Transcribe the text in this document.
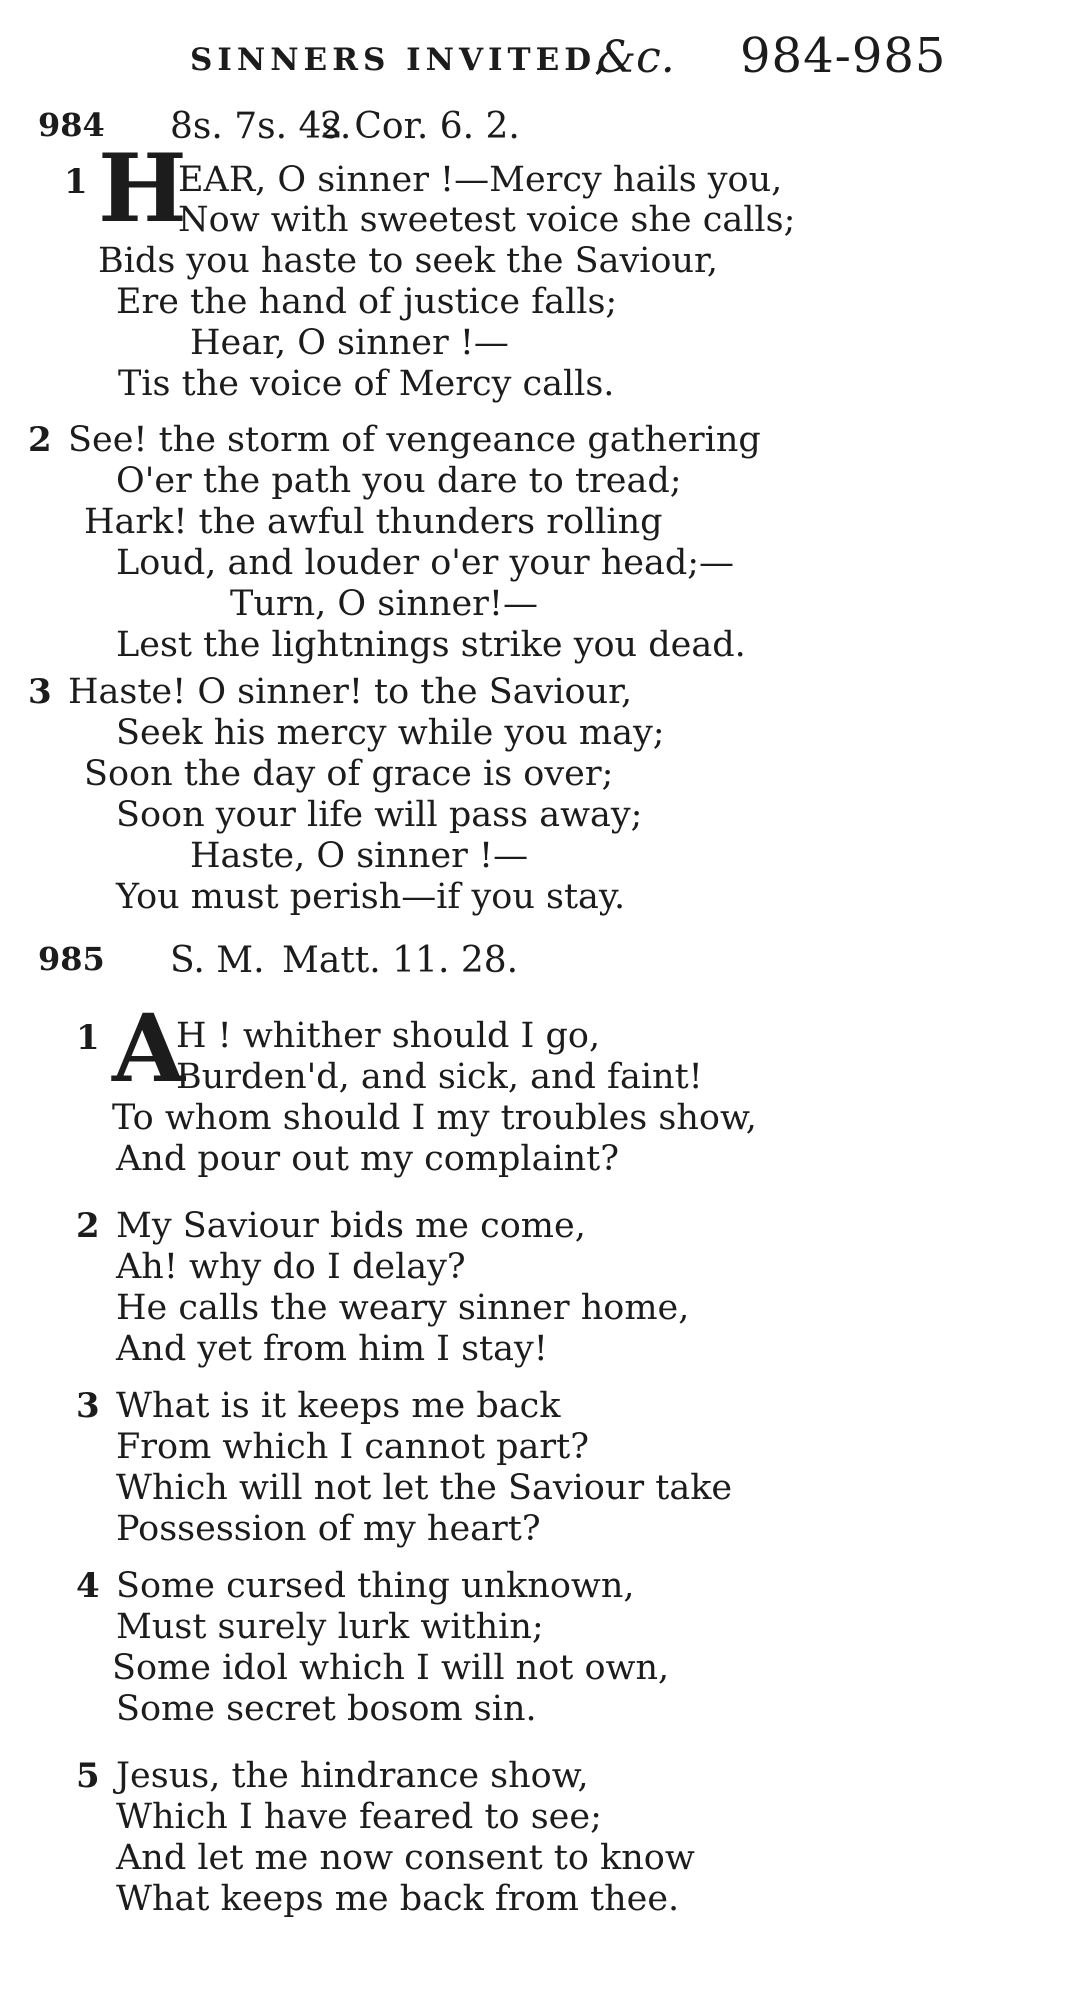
SINNERS INVITED,
&c. 984-985
984 8s. 7s. 4s.
2 Cor. 6. 2.
1 H
EAR, O sinner !—Mercy hails you,
Now with sweetest voice she calls;
Bids you haste to seek the Saviour,
Ere the hand of justice falls;
Hear, O sinner !—
Tis the voice of Mercy calls.
2 See! the storm of vengeance gathering
O'er the path you dare to tread;
Hark! the awful thunders rolling
Loud, and louder o'er your head;—
Turn, O sinner!—
Lest the lightnings strike you dead.
3 Haste! O sinner! to the Saviour,
Seek his mercy while you may;
Soon the day of grace is over;
Soon your life will pass away;
Haste, O sinner !—
You must perish—if you stay.
985 S. M. Matt. 11. 28.
1 A
H ! whither should I go,
Burden'd, and sick, and faint!
To whom should I my troubles show,
And pour out my complaint?
2 My Saviour bids me come,
Ah! why do I delay?
He calls the weary sinner home,
And yet from him I stay!
3 What is it keeps me back
From which I cannot part?
Which will not let the Saviour take
Possession of my heart?
4 Some cursed thing unknown,
Must surely lurk within;
Some idol which I will not own,
Some secret bosom sin.
5 Jesus, the hindrance show,
Which I have feared to see;
And let me now consent to know
What keeps me back from thee.
